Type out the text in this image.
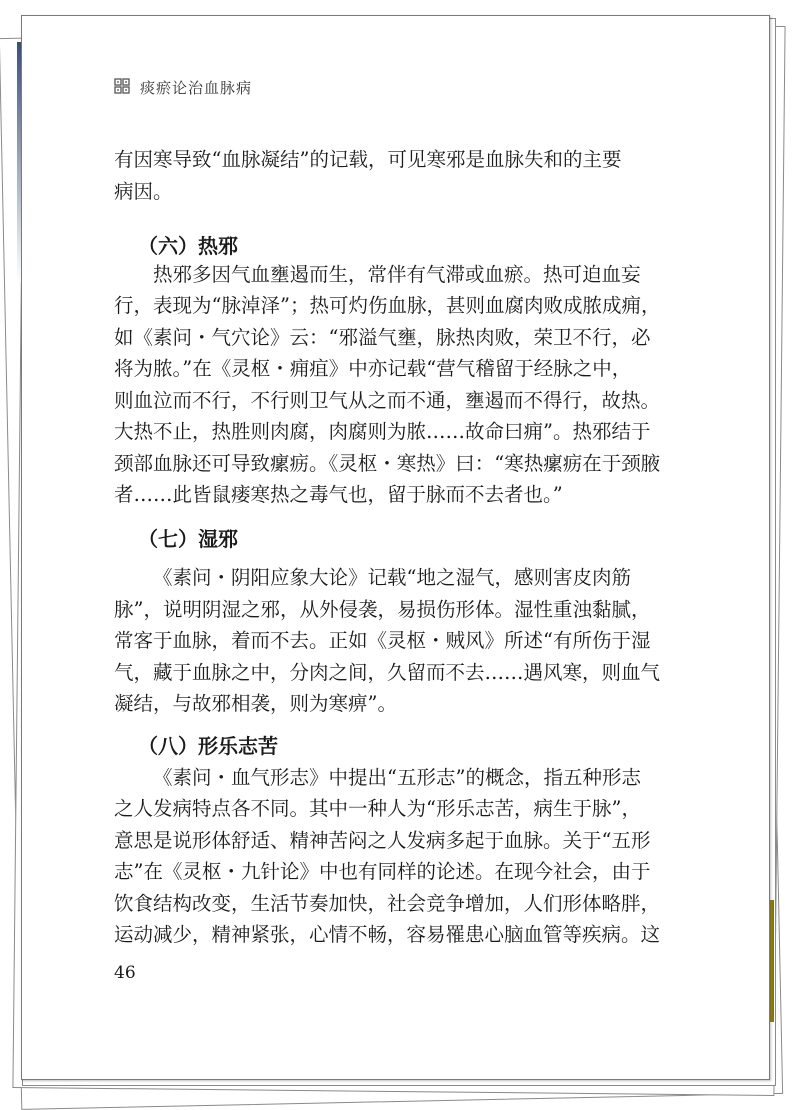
痰瘀论治血脉病
有因寒导致“血脉凝结”的记载，可见寒邪是血脉失和的主要
病因。
（六）热邪
热邪多因气血壅遏而生，常伴有气滞或血瘀。热可迫血妄
行，表现为“脉淖泽”；热可灼伤血脉，甚则血腐肉败成脓成痈，
如《素问・气穴论》云：“邪溢气壅，脉热肉败，荣卫不行，必
将为脓。”在《灵枢・痈疽》中亦记载“营气稽留于经脉之中，
则血泣而不行，不行则卫气从之而不通，壅遏而不得行，故热。
大热不止，热胜则肉腐，肉腐则为脓……故命曰痈”。热邪结于
颈部血脉还可导致瘰疬。《灵枢・寒热》曰：“寒热瘰疬在于颈腋
者……此皆鼠瘘寒热之毒气也，留于脉而不去者也。”
（七）湿邪
《素问・阴阳应象大论》记载“地之湿气，感则害皮肉筋
脉”，说明阴湿之邪，从外侵袭，易损伤形体。湿性重浊黏腻，
常客于血脉，着而不去。正如《灵枢・贼风》所述“有所伤于湿
气，藏于血脉之中，分肉之间，久留而不去……遇风寒，则血气
凝结，与故邪相袭，则为寒痹”。
（八）形乐志苦
《素问・血气形志》中提出“五形志”的概念，指五种形志
之人发病特点各不同。其中一种人为“形乐志苦，病生于脉”，
意思是说形体舒适、精神苦闷之人发病多起于血脉。关于“五形
志”在《灵枢・九针论》中也有同样的论述。在现今社会，由于
饮食结构改变，生活节奏加快，社会竞争增加，人们形体略胖，
运动减少，精神紧张，心情不畅，容易罹患心脑血管等疾病。这
46
